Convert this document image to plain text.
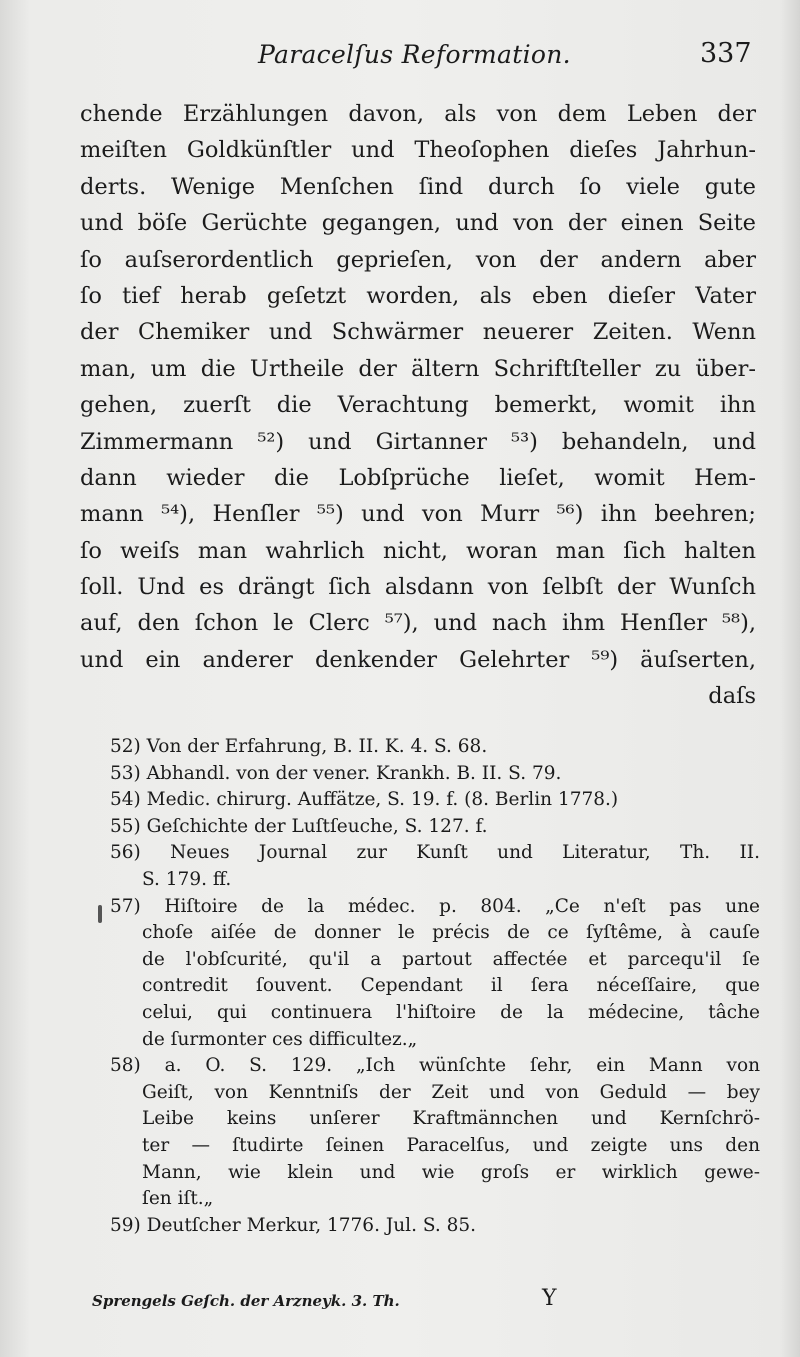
Paracelſus Reformation.	337
chende Erzählungen davon, als von dem Leben der
meiſten Goldkünſtler und Theoſophen dieſes Jahrhun-
derts. Wenige Menſchen ſind durch ſo viele gute
und böſe Gerüchte gegangen, und von der einen Seite
ſo auſserordentlich geprieſen, von der andern aber
ſo tief herab geſetzt worden, als eben dieſer Vater
der Chemiker und Schwärmer neuerer Zeiten. Wenn
man, um die Urtheile der ältern Schriftſteller zu über-
gehen, zuerſt die Verachtung bemerkt, womit ihn
Zimmermann ⁵²) und Girtanner ⁵³) behandeln, und
dann wieder die Lobſprüche lieſet, womit Hem-
mann ⁵⁴), Henſler ⁵⁵) und von Murr ⁵⁶) ihn beehren;
ſo weiſs man wahrlich nicht, woran man ſich halten
ſoll. Und es drängt ſich alsdann von ſelbſt der Wunſch
auf, den ſchon le Clerc ⁵⁷), und nach ihm Henſler ⁵⁸),
und ein anderer denkender Gelehrter ⁵⁹) äuſserten,
daſs
52) Von der Erfahrung, B. II. K. 4. S. 68.
53) Abhandl. von der vener. Krankh. B. II. S. 79.
54) Medic. chirurg. Auffätze, S. 19. f. (8. Berlin 1778.)
55) Geſchichte der Luſtſeuche, S. 127. f.
56) Neues Journal zur Kunſt und Literatur, Th. II.
S. 179. ff.
57) Hiſtoire de la médec. p. 804. „Ce n'eſt pas une
choſe aiſée de donner le précis de ce ſyſtême, à cauſe
de l'obſcurité, qu'il a partout affectée et parcequ'il ſe
contredit ſouvent. Cependant il ſera néceſſaire, que
celui, qui continuera l'hiſtoire de la médecine, tâche
de ſurmonter ces difficultez.„
58) a. O. S. 129. „Ich wünſchte ſehr, ein Mann von
Geiſt, von Kenntniſs der Zeit und von Geduld — bey
Leibe keins unſerer Kraftmännchen und Kernſchrö-
ter — ſtudirte ſeinen Paracelſus, und zeigte uns den
Mann, wie klein und wie groſs er wirklich gewe-
ſen iſt.„
59) Deutſcher Merkur, 1776. Jul. S. 85.
Sprengels Geſch. der Arzneyk. 3. Th.	Y
